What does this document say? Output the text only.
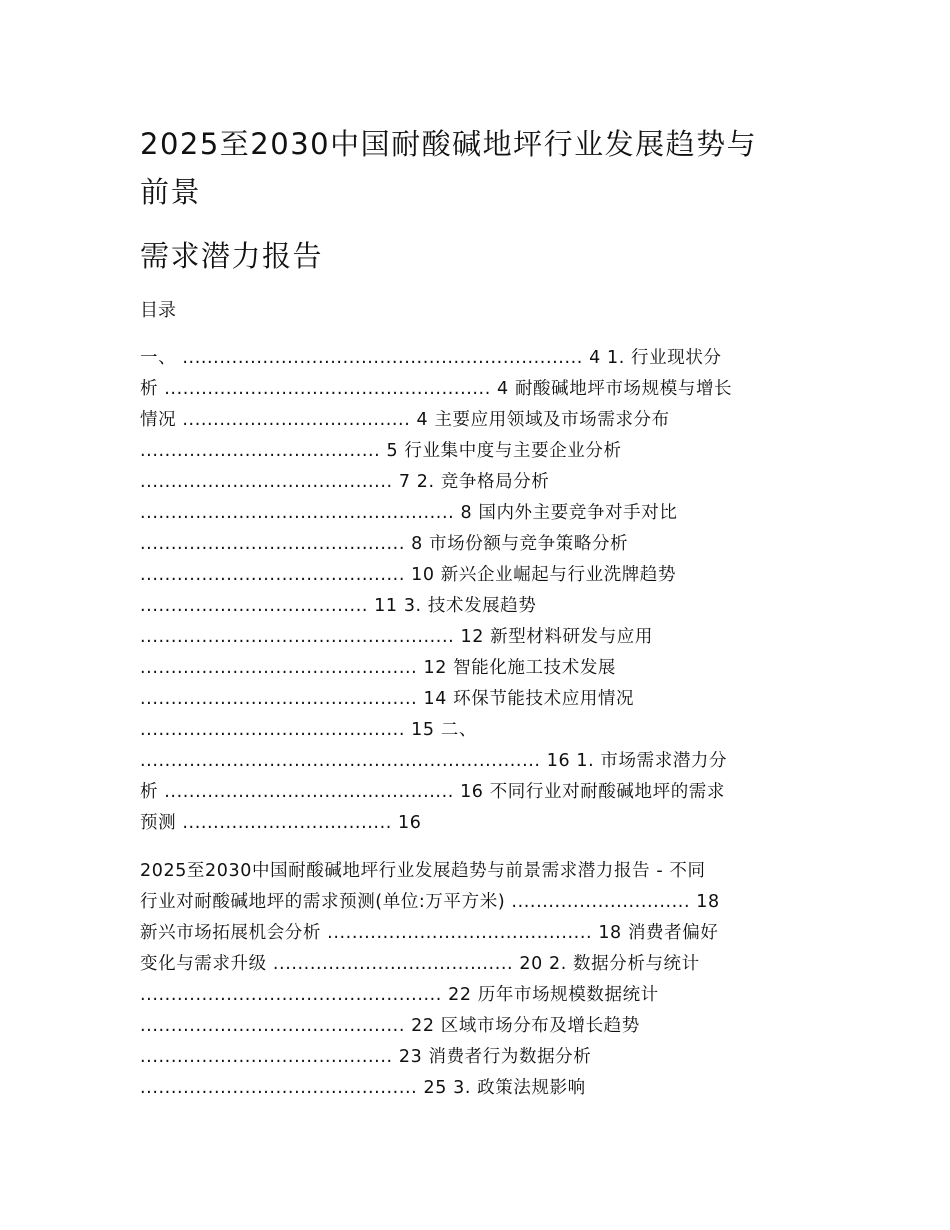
2025至2030中国耐酸碱地坪行业发展趋势与
前景
需求潜力报告
目录
一、 ................................................................. 4 1. 行业现状分
析 ..................................................... 4 耐酸碱地坪市场规模与增长
情况 ..................................... 4 主要应用领域及市场需求分布
....................................... 5 行业集中度与主要企业分析
......................................... 7 2. 竞争格局分析
................................................... 8 国内外主要竞争对手对比
........................................... 8 市场份额与竞争策略分析
........................................... 10 新兴企业崛起与行业洗牌趋势
..................................... 11 3. 技术发展趋势
................................................... 12 新型材料研发与应用
............................................. 12 智能化施工技术发展
............................................. 14 环保节能技术应用情况
........................................... 15 二、
................................................................. 16 1. 市场需求潜力分
析 ............................................... 16 不同行业对耐酸碱地坪的需求
预测 .................................. 16
2025至2030中国耐酸碱地坪行业发展趋势与前景需求潜力报告 - 不同
行业对耐酸碱地坪的需求预测(单位:万平方米) ............................. 18
新兴市场拓展机会分析 ........................................... 18 消费者偏好
变化与需求升级 ....................................... 20 2. 数据分析与统计
................................................. 22 历年市场规模数据统计
........................................... 22 区域市场分布及增长趋势
......................................... 23 消费者行为数据分析
............................................. 25 3. 政策法规影响
